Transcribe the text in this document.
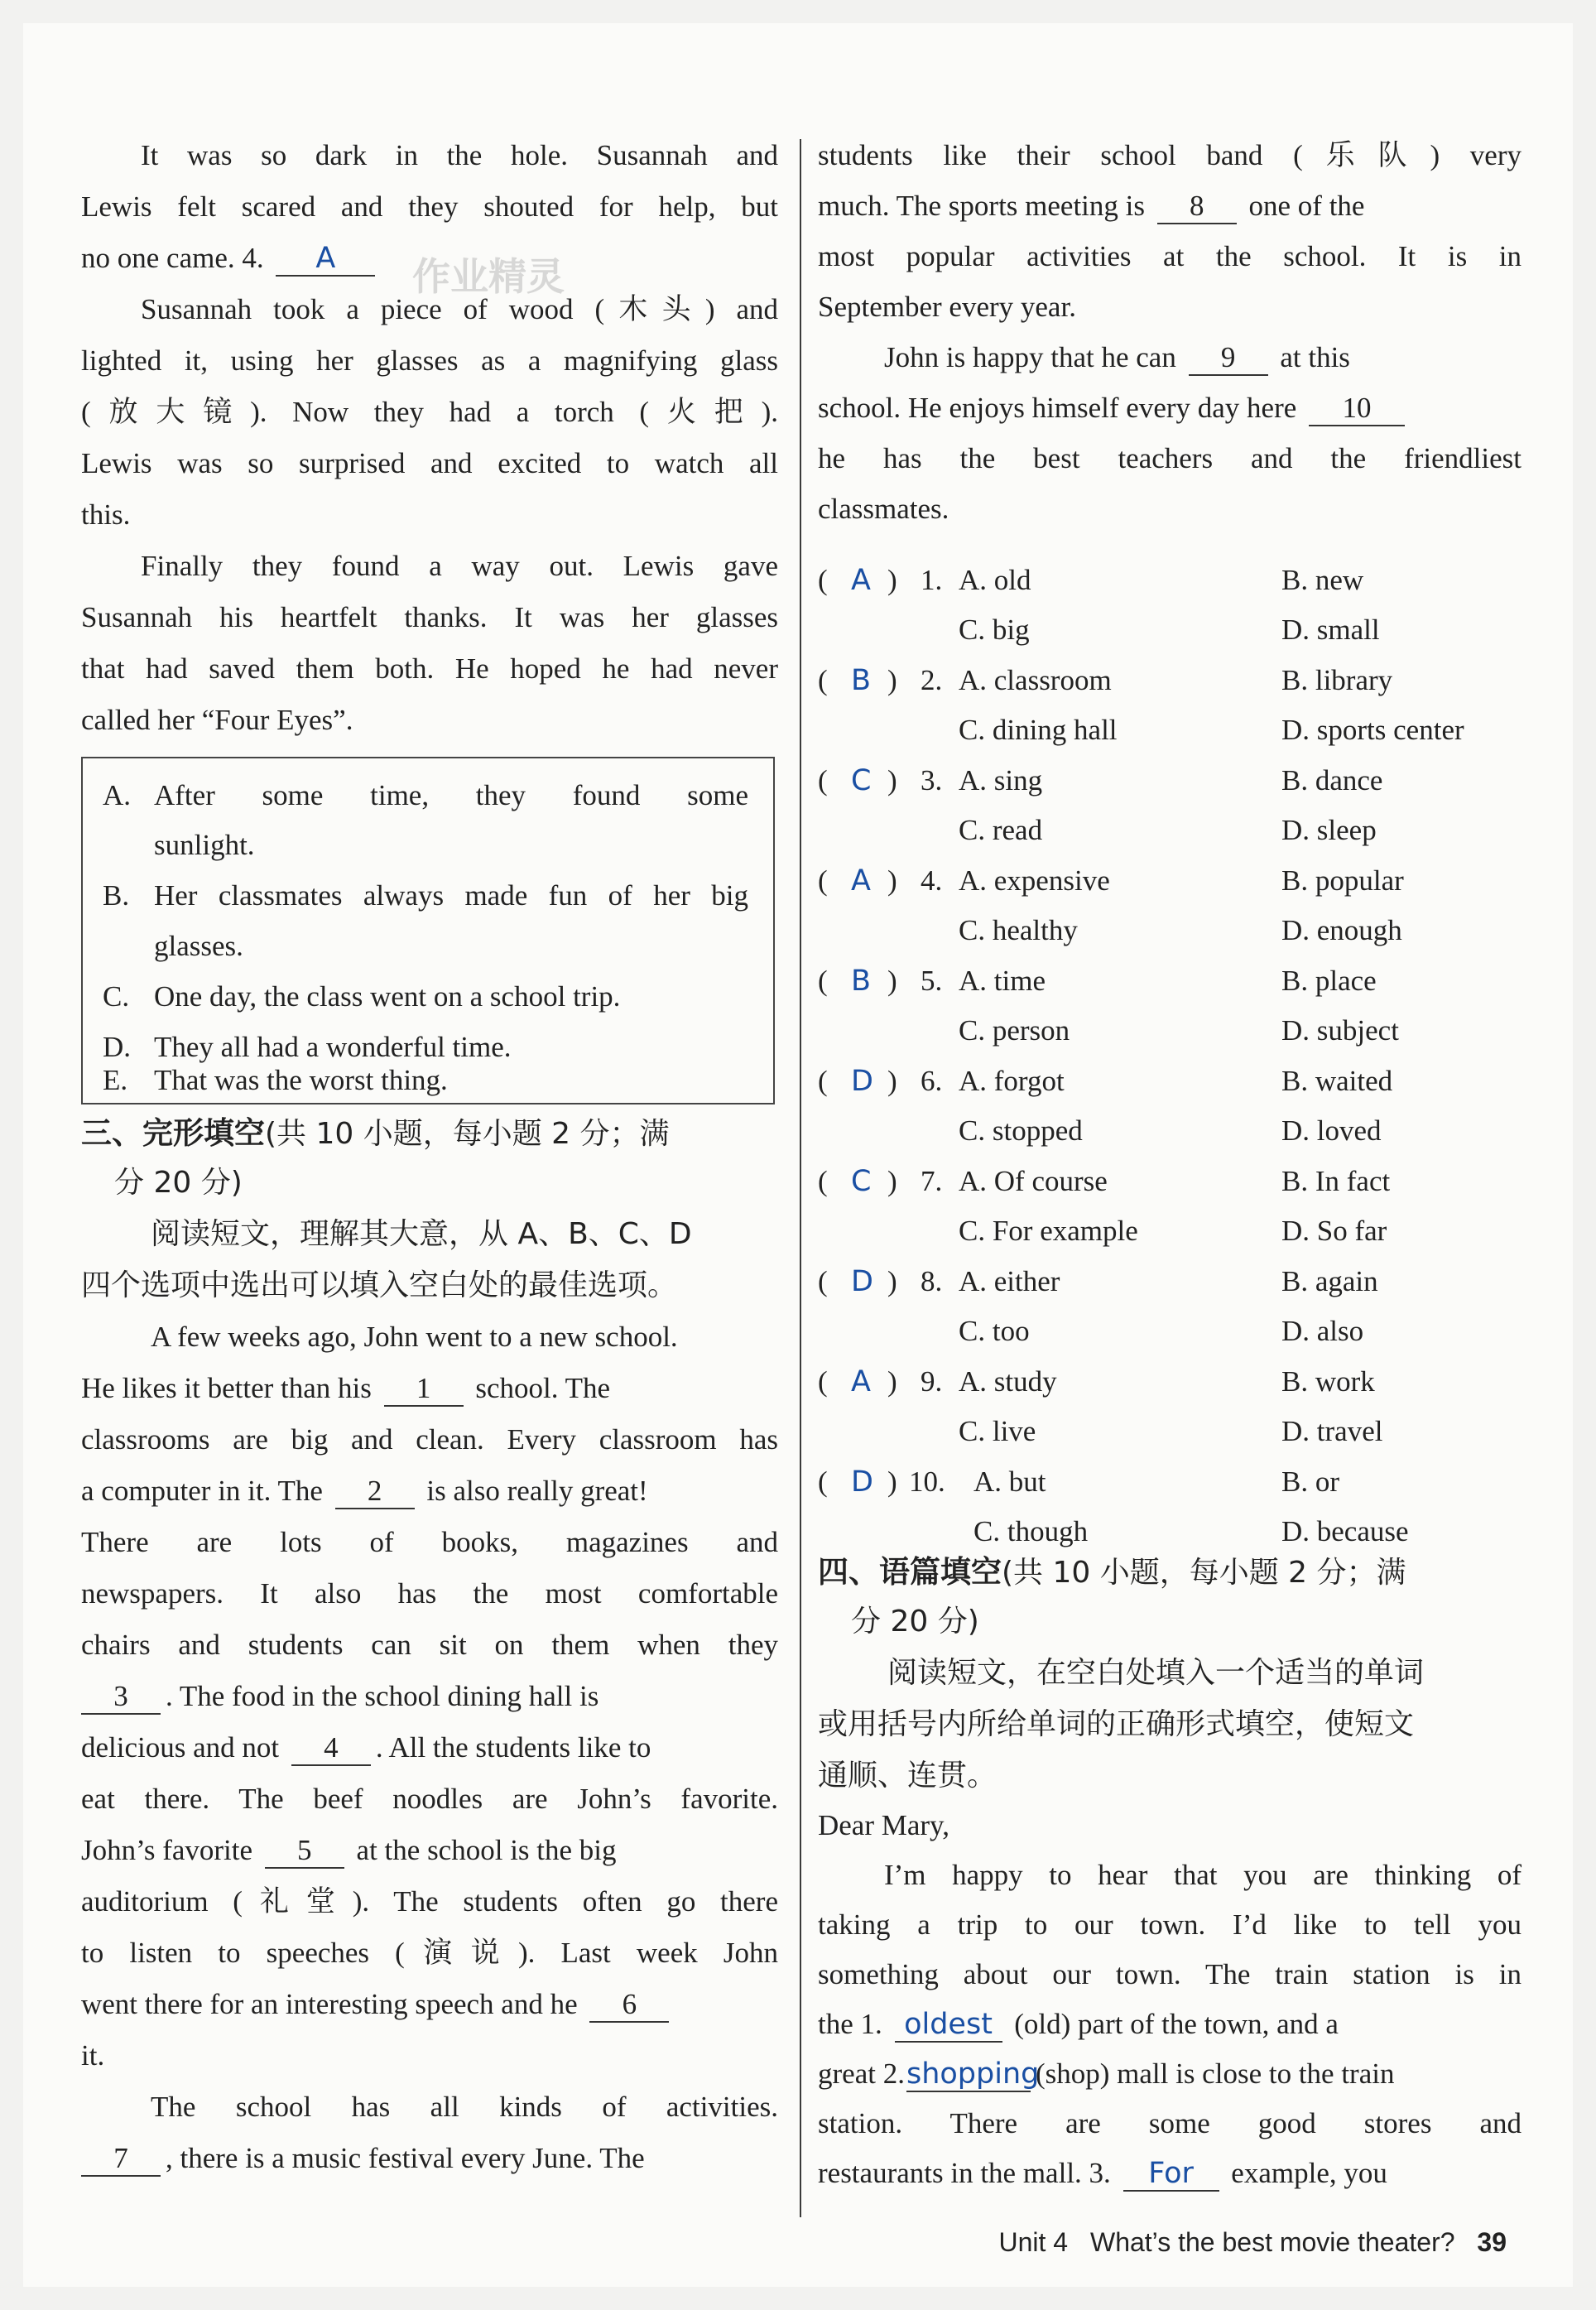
作业精灵
It was so dark in the hole. Susannah and
Lewis felt scared and they shouted for help, but
no one came. 4. A
Susannah took a piece of wood (木头) and
lighted it, using her glasses as a magnifying glass
(放大镜). Now they had a torch (火把).
Lewis was so surprised and excited to watch all
this.
Finally they found a way out. Lewis gave
Susannah his heartfelt thanks. It was her glasses
that had saved them both. He hoped he had never
called her “Four Eyes”.
A. After some time, they found some
sunlight.
B. Her classmates always made fun of her big
glasses.
C. One day, the class went on a school trip.
D. They all had a wonderful time.
E. That was the worst thing.
三、完形填空(共 10 小题，每小题 2 分；满
分 20 分)
阅读短文，理解其大意，从 A、B、C、D
四个选项中选出可以填入空白处的最佳选项。
A few weeks ago, John went to a new school.
He likes it better than his 1 school. The
classrooms are big and clean. Every classroom has
a computer in it. The 2 is also really great!
There are lots of books, magazines and
newspapers. It also has the most comfortable
chairs and students can sit on them when they
3 . The food in the school dining hall is
delicious and not 4 . All the students like to
eat there. The beef noodles are John’s favorite.
John’s favorite 5 at the school is the big
auditorium (礼堂). The students often go there
to listen to speeches (演说). Last week John
went there for an interesting speech and he 6
it.
The school has all kinds of activities.
7 , there is a music festival every June. The
students like their school band (乐队) very
much. The sports meeting is 8 one of the
most popular activities at the school. It is in
September every year.
John is happy that he can 9 at this
school. He enjoys himself every day here 10
he has the best teachers and the friendliest
classmates.
( A ) 1. A. old	B. new
C. big	D. small
( B ) 2. A. classroom	B. library
C. dining hall	D. sports center
( C ) 3. A. sing	B. dance
C. read	D. sleep
( A ) 4. A. expensive	B. popular
C. healthy	D. enough
( B ) 5. A. time	B. place
C. person	D. subject
( D ) 6. A. forgot	B. waited
C. stopped	D. loved
( C ) 7. A. Of course	B. In fact
C. For example	D. So far
( D ) 8. A. either	B. again
C. too	D. also
( A ) 9. A. study	B. work
C. live	D. travel
( D ) 10. A. but	B. or
C. though	D. because
四、语篇填空(共 10 小题，每小题 2 分；满
分 20 分)
阅读短文，在空白处填入一个适当的单词
或用括号内所给单词的正确形式填空，使短文
通顺、连贯。
Dear Mary,
I’m happy to hear that you are thinking of
taking a trip to our town. I’d like to tell you
something about our town. The train station is in
the 1. oldest (old) part of the town, and a
great 2.shopping(shop) mall is close to the train
station. There are some good stores and
restaurants in the mall. 3. For example, you
Unit 4 What’s the best movie theater? 39
